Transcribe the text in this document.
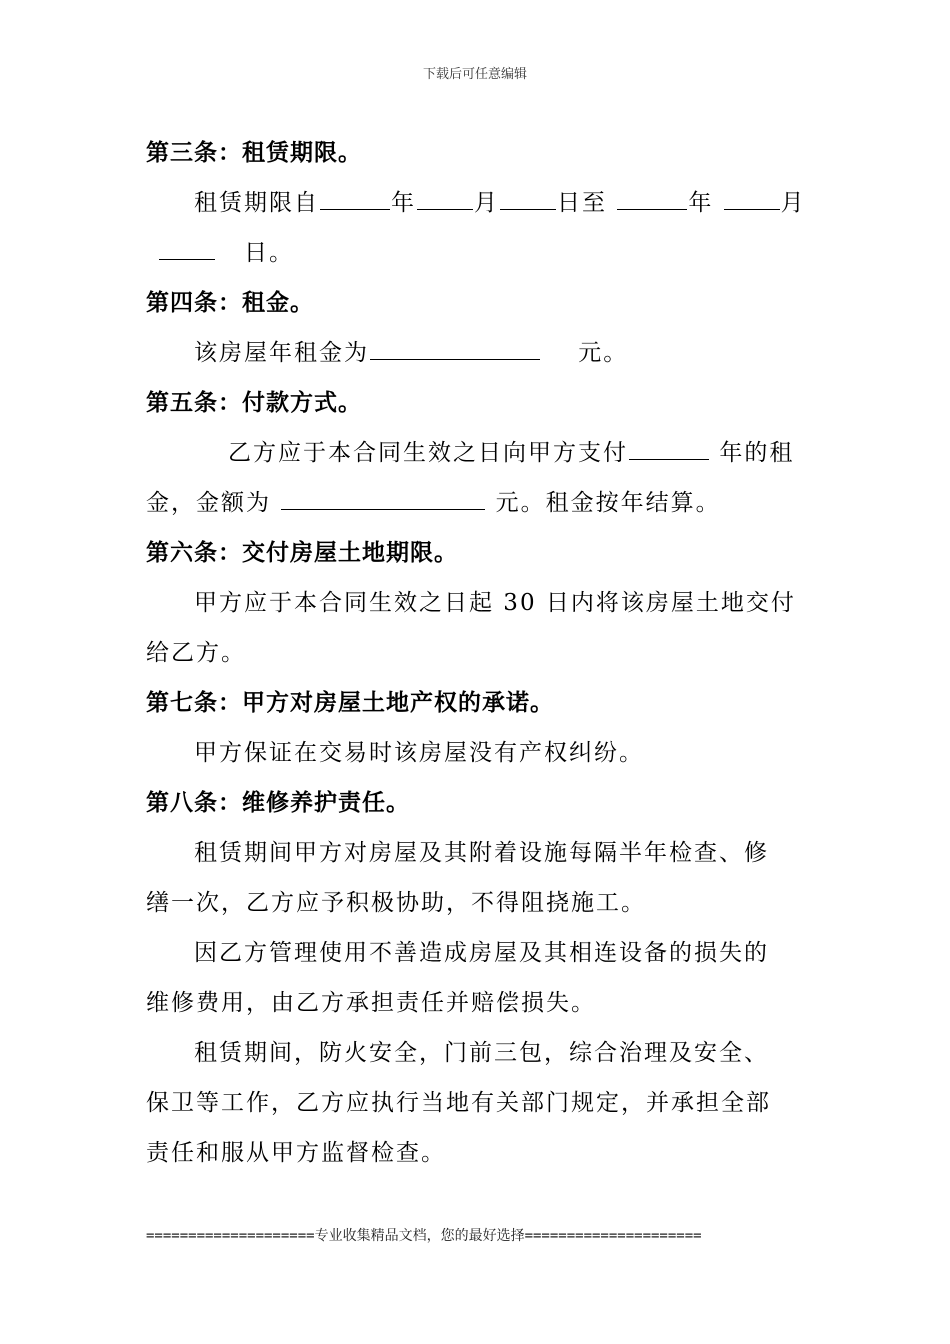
下载后可任意编辑
第三条：租赁期限。
租赁期限自	年	月	日至	年	月
日。
第四条：租金。
该房屋年租金为	元。
第五条：付款方式。
乙方应于本合同生效之日向甲方支付	年的租
金，金额为	元。租金按年结算。
第六条：交付房屋土地期限。
甲方应于本合同生效之日起 30 日内将该房屋土地交付
给乙方。
第七条：甲方对房屋土地产权的承诺。
甲方保证在交易时该房屋没有产权纠纷。
第八条：维修养护责任。
租赁期间甲方对房屋及其附着设施每隔半年检查、修
缮一次，乙方应予积极协助，不得阻挠施工。
因乙方管理使用不善造成房屋及其相连设备的损失的
维修费用，由乙方承担责任并赔偿损失。
租赁期间，防火安全，门前三包，综合治理及安全、
保卫等工作，乙方应执行当地有关部门规定，并承担全部
责任和服从甲方监督检查。
====================专业收集精品文档，您的最好选择=====================
